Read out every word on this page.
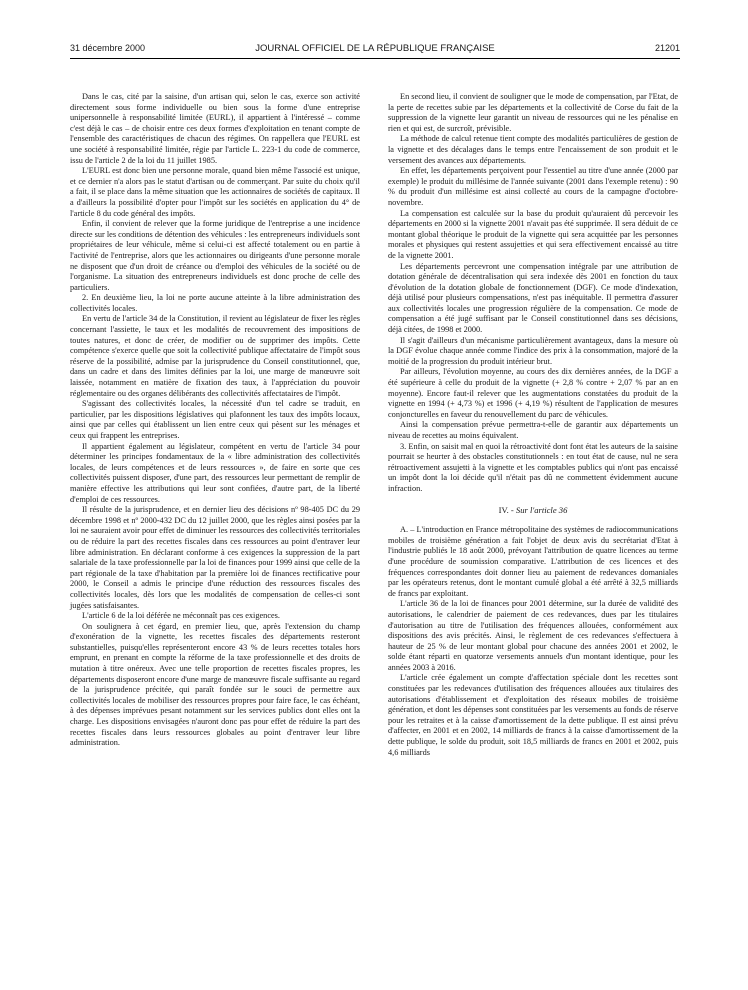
31 décembre 2000	JOURNAL OFFICIEL DE LA RÉPUBLIQUE FRANÇAISE	21201

Dans le cas, cité par la saisine, d'un artisan qui, selon le cas, exerce son activité directement sous forme individuelle ou bien sous la forme d'une entreprise unipersonnelle à responsabilité limitée (EURL), il appartient à l'intéressé – comme c'est déjà le cas – de choisir entre ces deux formes d'exploitation en tenant compte de l'ensemble des caractéristiques de chacun des régimes. On rappellera que l'EURL est une société à responsabilité limitée, régie par l'article L. 223-1 du code de commerce, issu de l'article 2 de la loi du 11 juillet 1985.

L'EURL est donc bien une personne morale, quand bien même l'associé est unique, et ce dernier n'a alors pas le statut d'artisan ou de commerçant. Par suite du choix qu'il a fait, il se place dans la même situation que les actionnaires de sociétés de capitaux. Il a d'ailleurs la possibilité d'opter pour l'impôt sur les sociétés en application du 4° de l'article 8 du code général des impôts.

Enfin, il convient de relever que la forme juridique de l'entreprise a une incidence directe sur les conditions de détention des véhicules : les entrepreneurs individuels sont propriétaires de leur véhicule, même si celui-ci est affecté totalement ou en partie à l'activité de l'entreprise, alors que les actionnaires ou dirigeants d'une personne morale ne disposent que d'un droit de créance ou d'emploi des véhicules de la société ou de l'organisme. La situation des entrepreneurs individuels est donc proche de celle des particuliers.

2. En deuxième lieu, la loi ne porte aucune atteinte à la libre administration des collectivités locales.

En vertu de l'article 34 de la Constitution, il revient au législateur de fixer les règles concernant l'assiette, le taux et les modalités de recouvrement des impositions de toutes natures, et donc de créer, de modifier ou de supprimer des impôts. Cette compétence s'exerce quelle que soit la collectivité publique affectataire de l'impôt sous réserve de la possibilité, admise par la jurisprudence du Conseil constitutionnel, que, dans un cadre et dans des limites définies par la loi, une marge de manœuvre soit laissée, notamment en matière de fixation des taux, à l'appréciation du pouvoir réglementaire ou des organes délibérants des collectivités affectataires de l'impôt.

S'agissant des collectivités locales, la nécessité d'un tel cadre se traduit, en particulier, par les dispositions législatives qui plafonnent les taux des impôts locaux, ainsi que par celles qui établissent un lien entre ceux qui pèsent sur les ménages et ceux qui frappent les entreprises.

Il appartient également au législateur, compétent en vertu de l'article 34 pour déterminer les principes fondamentaux de la « libre administration des collectivités locales, de leurs compétences et de leurs ressources », de faire en sorte que ces collectivités puissent disposer, d'une part, des ressources leur permettant de remplir de manière effective les attributions qui leur sont confiées, d'autre part, de la liberté d'emploi de ces ressources.

Il résulte de la jurisprudence, et en dernier lieu des décisions nº 98-405 DC du 29 décembre 1998 et nº 2000-432 DC du 12 juillet 2000, que les règles ainsi posées par la loi ne sauraient avoir pour effet de diminuer les ressources des collectivités territoriales ou de réduire la part des recettes fiscales dans ces ressources au point d'entraver leur libre administration. En déclarant conforme à ces exigences la suppression de la part salariale de la taxe professionnelle par la loi de finances pour 1999 ainsi que celle de la part régionale de la taxe d'habitation par la première loi de finances rectificative pour 2000, le Conseil a admis le principe d'une réduction des ressources fiscales des collectivités locales, dès lors que les modalités de compensation de celles-ci sont jugées satisfaisantes.

L'article 6 de la loi déférée ne méconnaît pas ces exigences.

On soulignera à cet égard, en premier lieu, que, après l'extension du champ d'exonération de la vignette, les recettes fiscales des départements resteront substantielles, puisqu'elles représenteront encore 43 % de leurs recettes totales hors emprunt, en prenant en compte la réforme de la taxe professionnelle et des droits de mutation à titre onéreux. Avec une telle proportion de recettes fiscales propres, les départements disposeront encore d'une marge de manœuvre fiscale suffisante au regard de la jurisprudence précitée, qui paraît fondée sur le souci de permettre aux collectivités locales de mobiliser des ressources propres pour faire face, le cas échéant, à des dépenses imprévues pesant notamment sur les services publics dont elles ont la charge. Les dispositions envisagées n'auront donc pas pour effet de réduire la part des recettes fiscales dans leurs ressources globales au point d'entraver leur libre administration.

En second lieu, il convient de souligner que le mode de compensation, par l'Etat, de la perte de recettes subie par les départements et la collectivité de Corse du fait de la suppression de la vignette leur garantit un niveau de ressources qui ne les pénalise en rien et qui est, de surcroît, prévisible.

La méthode de calcul retenue tient compte des modalités particulières de gestion de la vignette et des décalages dans le temps entre l'encaissement de son produit et le versement des avances aux départements.

En effet, les départements perçoivent pour l'essentiel au titre d'une année (2000 par exemple) le produit du millésime de l'année suivante (2001 dans l'exemple retenu) : 90 % du produit d'un millésime est ainsi collecté au cours de la campagne d'octobre-novembre.

La compensation est calculée sur la base du produit qu'auraient dû percevoir les départements en 2000 si la vignette 2001 n'avait pas été supprimée. Il sera déduit de ce montant global théorique le produit de la vignette qui sera acquittée par les personnes morales et physiques qui restent assujetties et qui sera effectivement encaissé au titre de la vignette 2001.

Les départements percevront une compensation intégrale par une attribution de dotation générale de décentralisation qui sera indexée dès 2001 en fonction du taux d'évolution de la dotation globale de fonctionnement (DGF). Ce mode d'indexation, déjà utilisé pour plusieurs compensations, n'est pas inéquitable. Il permettra d'assurer aux collectivités locales une progression régulière de la compensation. Ce mode de compensation a été jugé suffisant par le Conseil constitutionnel dans ses décisions, déjà citées, de 1998 et 2000.

Il s'agit d'ailleurs d'un mécanisme particulièrement avantageux, dans la mesure où la DGF évolue chaque année comme l'indice des prix à la consommation, majoré de la moitié de la progression du produit intérieur brut.

Par ailleurs, l'évolution moyenne, au cours des dix dernières années, de la DGF a été supérieure à celle du produit de la vignette (+ 2,8 % contre + 2,07 % par an en moyenne). Encore faut-il relever que les augmentations constatées du produit de la vignette en 1994 (+ 4,73 %) et 1996 (+ 4,19 %) résultent de l'application de mesures conjoncturelles en faveur du renouvellement du parc de véhicules.

Ainsi la compensation prévue permettra-t-elle de garantir aux départements un niveau de recettes au moins équivalent.

3. Enfin, on saisit mal en quoi la rétroactivité dont font état les auteurs de la saisine pourrait se heurter à des obstacles constitutionnels : en tout état de cause, nul ne sera rétroactivement assujetti à la vignette et les comptables publics qui n'ont pas encaissé un impôt dont la loi décide qu'il n'était pas dû ne commettent évidemment aucune infraction.

IV. - Sur l'article 36

A. – L'introduction en France métropolitaine des systèmes de radiocommunications mobiles de troisième génération a fait l'objet de deux avis du secrétariat d'Etat à l'industrie publiés le 18 août 2000, prévoyant l'attribution de quatre licences au terme d'une procédure de soumission comparative. L'attribution de ces licences et des fréquences correspondantes doit donner lieu au paiement de redevances domaniales par les opérateurs retenus, dont le montant cumulé global a été arrêté à 32,5 milliards de francs par exploitant.

L'article 36 de la loi de finances pour 2001 détermine, sur la durée de validité des autorisations, le calendrier de paiement de ces redevances, dues par les titulaires d'autorisation au titre de l'utilisation des fréquences allouées, conformément aux dispositions des avis précités. Ainsi, le règlement de ces redevances s'effectuera à hauteur de 25 % de leur montant global pour chacune des années 2001 et 2002, le solde étant réparti en quatorze versements annuels d'un montant identique, pour les années 2003 à 2016.

L'article crée également un compte d'affectation spéciale dont les recettes sont constituées par les redevances d'utilisation des fréquences allouées aux titulaires des autorisations d'établissement et d'exploitation des réseaux mobiles de troisième génération, et dont les dépenses sont constituées par les versements au fonds de réserve pour les retraites et à la caisse d'amortissement de la dette publique. Il est ainsi prévu d'affecter, en 2001 et en 2002, 14 milliards de francs à la caisse d'amortissement de la dette publique, le solde du produit, soit 18,5 milliards de francs en 2001 et 2002, puis 4,6 milliards
